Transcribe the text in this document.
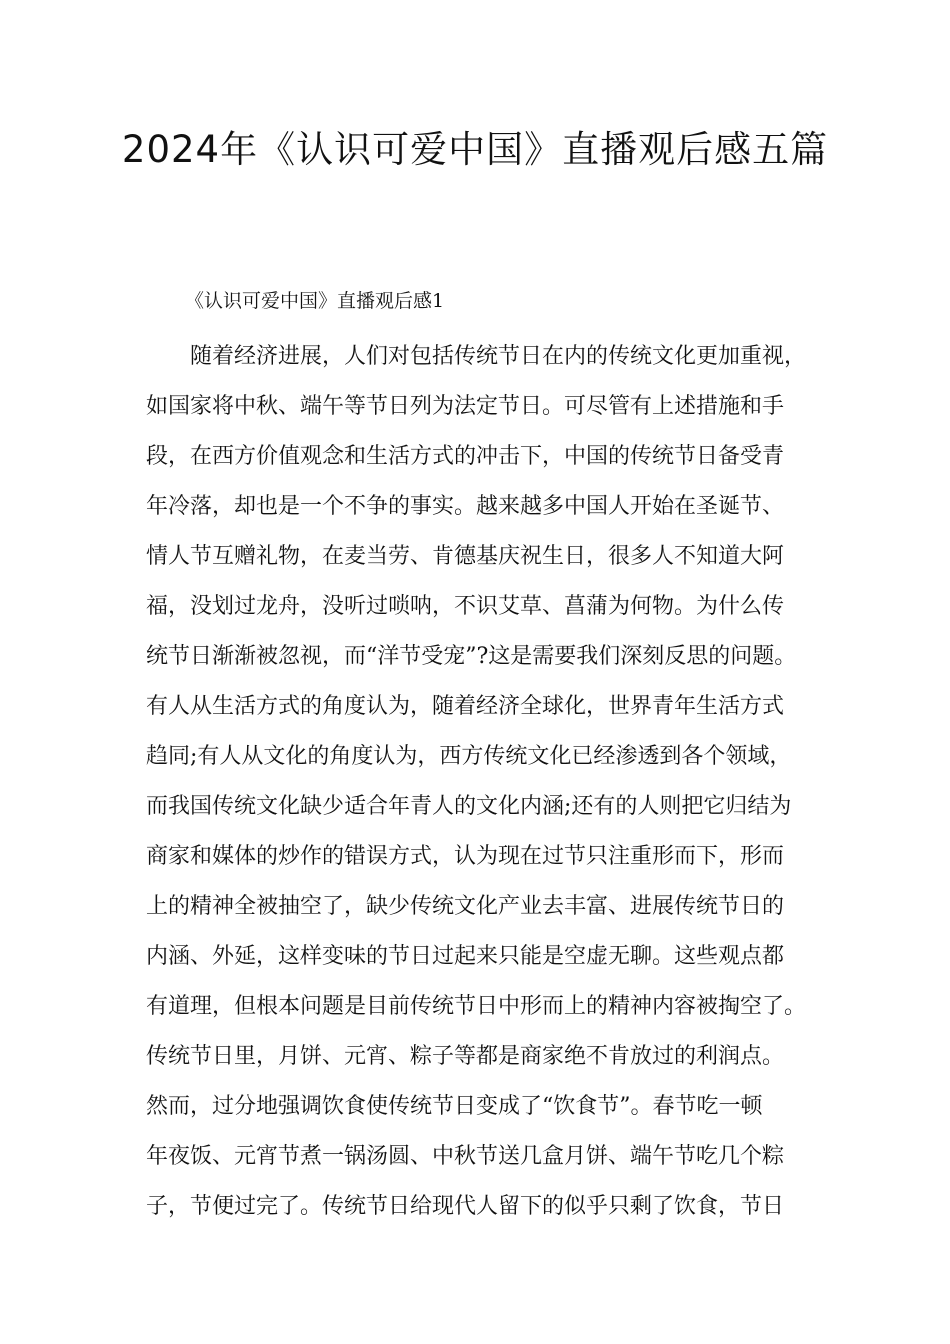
2024年《认识可爱中国》直播观后感五篇

《认识可爱中国》直播观后感1

随着经济进展，人们对包括传统节日在内的传统文化更加重视，
如国家将中秋、端午等节日列为法定节日。可尽管有上述措施和手
段，在西方价值观念和生活方式的冲击下，中国的传统节日备受青
年冷落，却也是一个不争的事实。越来越多中国人开始在圣诞节、
情人节互赠礼物，在麦当劳、肯德基庆祝生日，很多人不知道大阿
福，没划过龙舟，没听过唢呐，不识艾草、菖蒲为何物。为什么传
统节日渐渐被忽视，而“洋节受宠”?这是需要我们深刻反思的问题。
有人从生活方式的角度认为，随着经济全球化，世界青年生活方式
趋同;有人从文化的角度认为，西方传统文化已经渗透到各个领域，
而我国传统文化缺少适合年青人的文化内涵;还有的人则把它归结为
商家和媒体的炒作的错误方式，认为现在过节只注重形而下，形而
上的精神全被抽空了，缺少传统文化产业去丰富、进展传统节日的
内涵、外延，这样变味的节日过起来只能是空虚无聊。这些观点都
有道理，但根本问题是目前传统节日中形而上的精神内容被掏空了。
传统节日里，月饼、元宵、粽子等都是商家绝不肯放过的利润点。
然而，过分地强调饮食使传统节日变成了“饮食节”。春节吃一顿
年夜饭、元宵节煮一锅汤圆、中秋节送几盒月饼、端午节吃几个粽
子，节便过完了。传统节日给现代人留下的似乎只剩了饮食，节日
